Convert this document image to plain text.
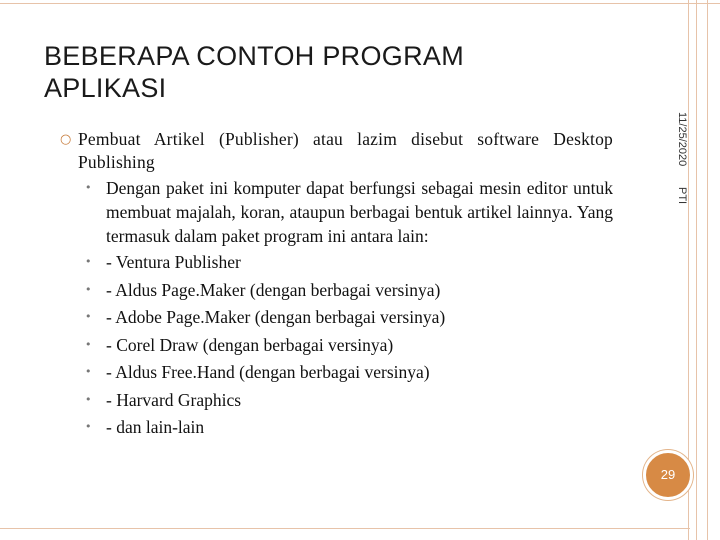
BEBERAPA CONTOH PROGRAM APLIKASI
11/25/2020
PTI
○ Pembuat Artikel (Publisher) atau lazim disebut software Desktop Publishing
• Dengan paket ini komputer dapat berfungsi sebagai mesin editor untuk membuat majalah, koran, ataupun berbagai bentuk artikel lainnya. Yang termasuk dalam paket program ini antara lain:
• - Ventura Publisher
• - Aldus Page.Maker (dengan berbagai versinya)
• - Adobe Page.Maker (dengan berbagai versinya)
• - Corel Draw (dengan berbagai versinya)
• - Aldus Free.Hand (dengan berbagai versinya)
• - Harvard Graphics
• - dan lain-lain
29
